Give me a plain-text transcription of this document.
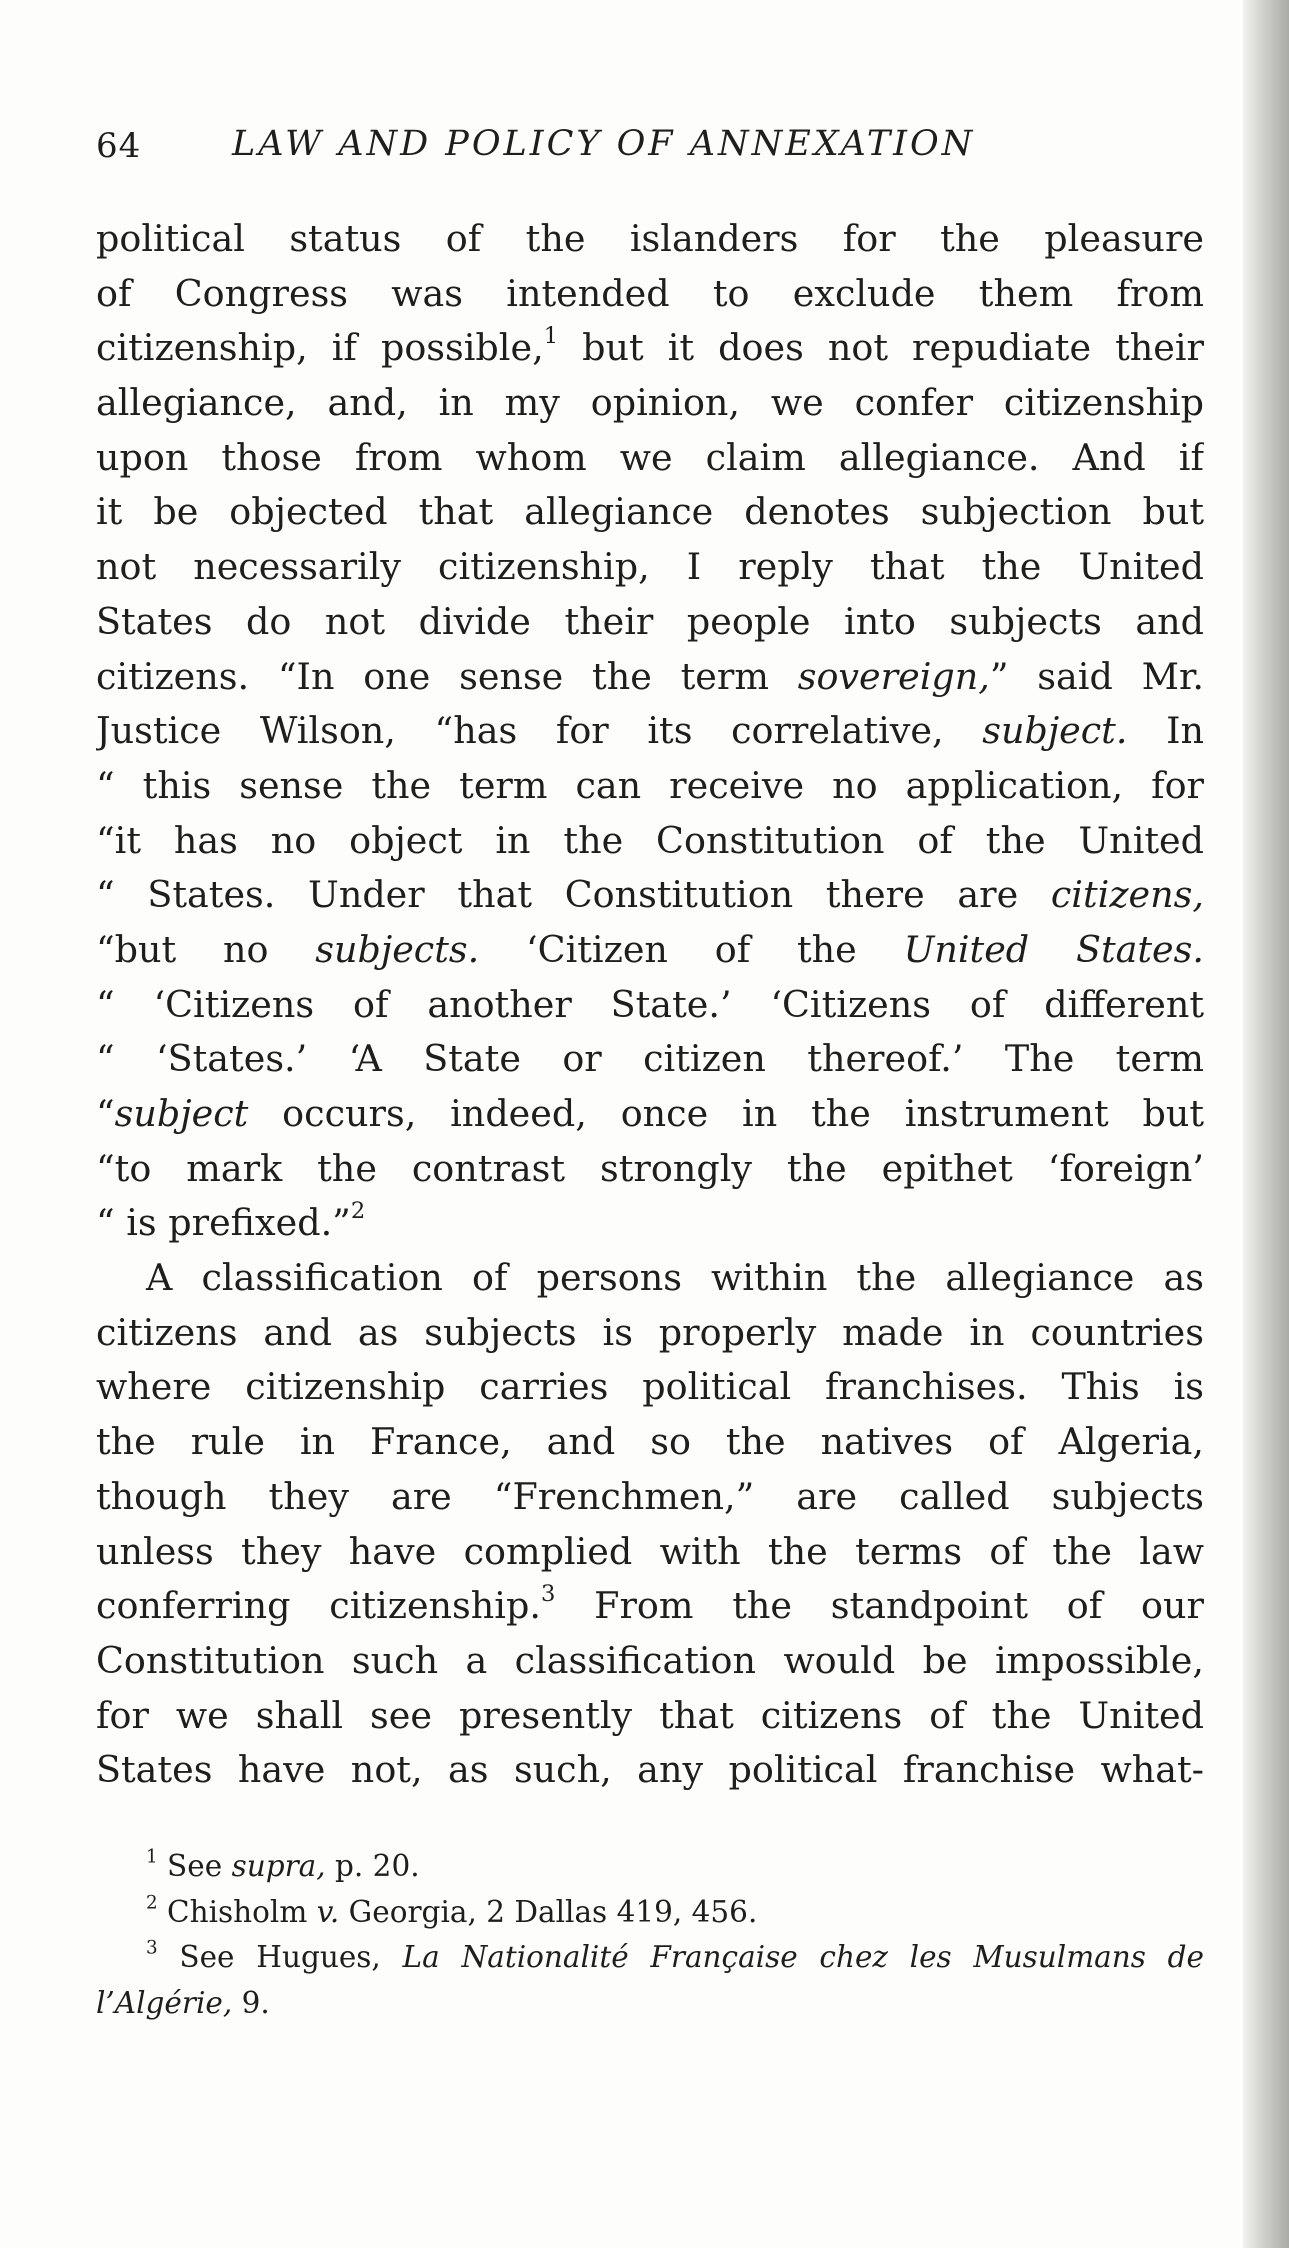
64	LAW AND POLICY OF ANNEXATION
political status of the islanders for the pleasure
of Congress was intended to exclude them from
citizenship, if possible,$^1$ but it does not repudiate their
allegiance, and, in my opinion, we confer citizenship
upon those from whom we claim allegiance. And if
it be objected that allegiance denotes subjection but
not necessarily citizenship, I reply that the United
States do not divide their people into subjects and
citizens. “In one sense the term sovereign,” said Mr.
Justice Wilson, “has for its correlative, subject. In
“ this sense the term can receive no application, for
“it has no object in the Constitution of the United
“ States. Under that Constitution there are citizens,
“but no subjects. ‘Citizen of the United States.
“ ‘Citizens of another State.’ ‘Citizens of different
“ ‘States.’ ‘A State or citizen thereof.’ The term
“subject occurs, indeed, once in the instrument but
“to mark the contrast strongly the epithet ‘foreign’
“ is prefixed.”$^2$
A classification of persons within the allegiance as
citizens and as subjects is properly made in countries
where citizenship carries political franchises. This is
the rule in France, and so the natives of Algeria,
though they are “Frenchmen,” are called subjects
unless they have complied with the terms of the law
conferring citizenship.$^3$ From the standpoint of our
Constitution such a classification would be impossible,
for we shall see presently that citizens of the United
States have not, as such, any political franchise what-
$^1$ See supra, p. 20.
$^2$ Chisholm v. Georgia, 2 Dallas 419, 456.
$^3$ See Hugues, La Nationalité Française chez les Musulmans de
l’Algérie, 9.
